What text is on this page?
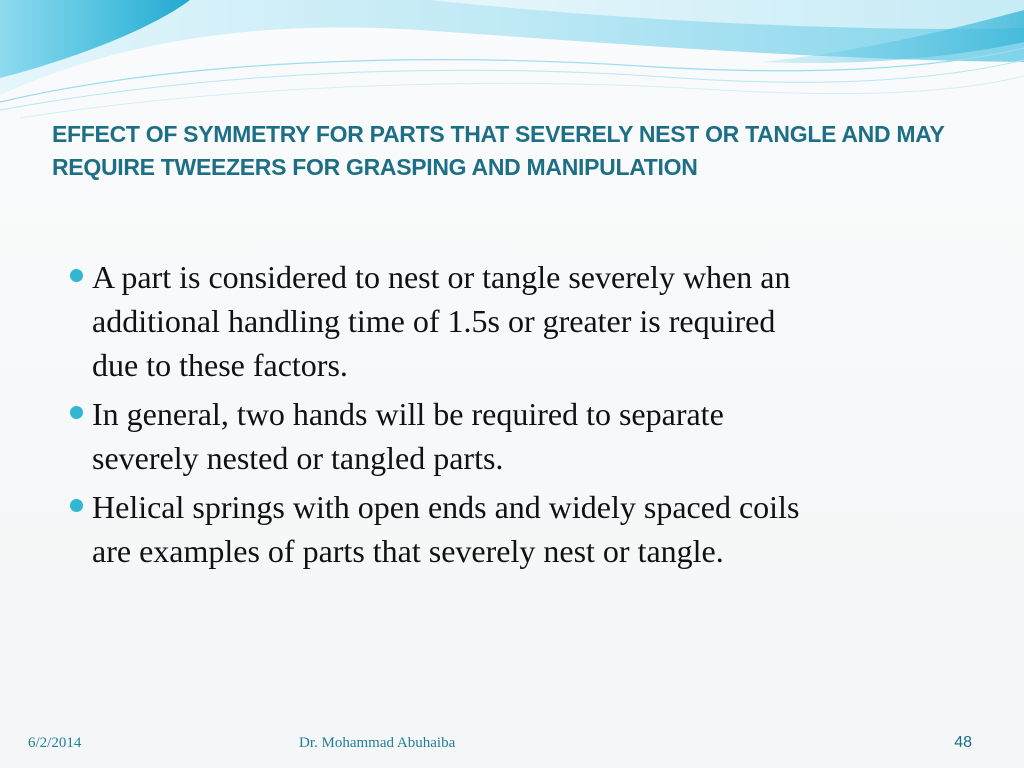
EFFECT OF SYMMETRY FOR PARTS THAT SEVERELY NEST OR TANGLE AND MAY
REQUIRE TWEEZERS FOR GRASPING AND MANIPULATION
A part is considered to nest or tangle severely when an
additional handling time of 1.5s or greater is required
due to these factors.
In general, two hands will be required to separate
severely nested or tangled parts.
Helical springs with open ends and widely spaced coils
are examples of parts that severely nest or tangle.
6/2/2014	Dr. Mohammad Abuhaiba	48
